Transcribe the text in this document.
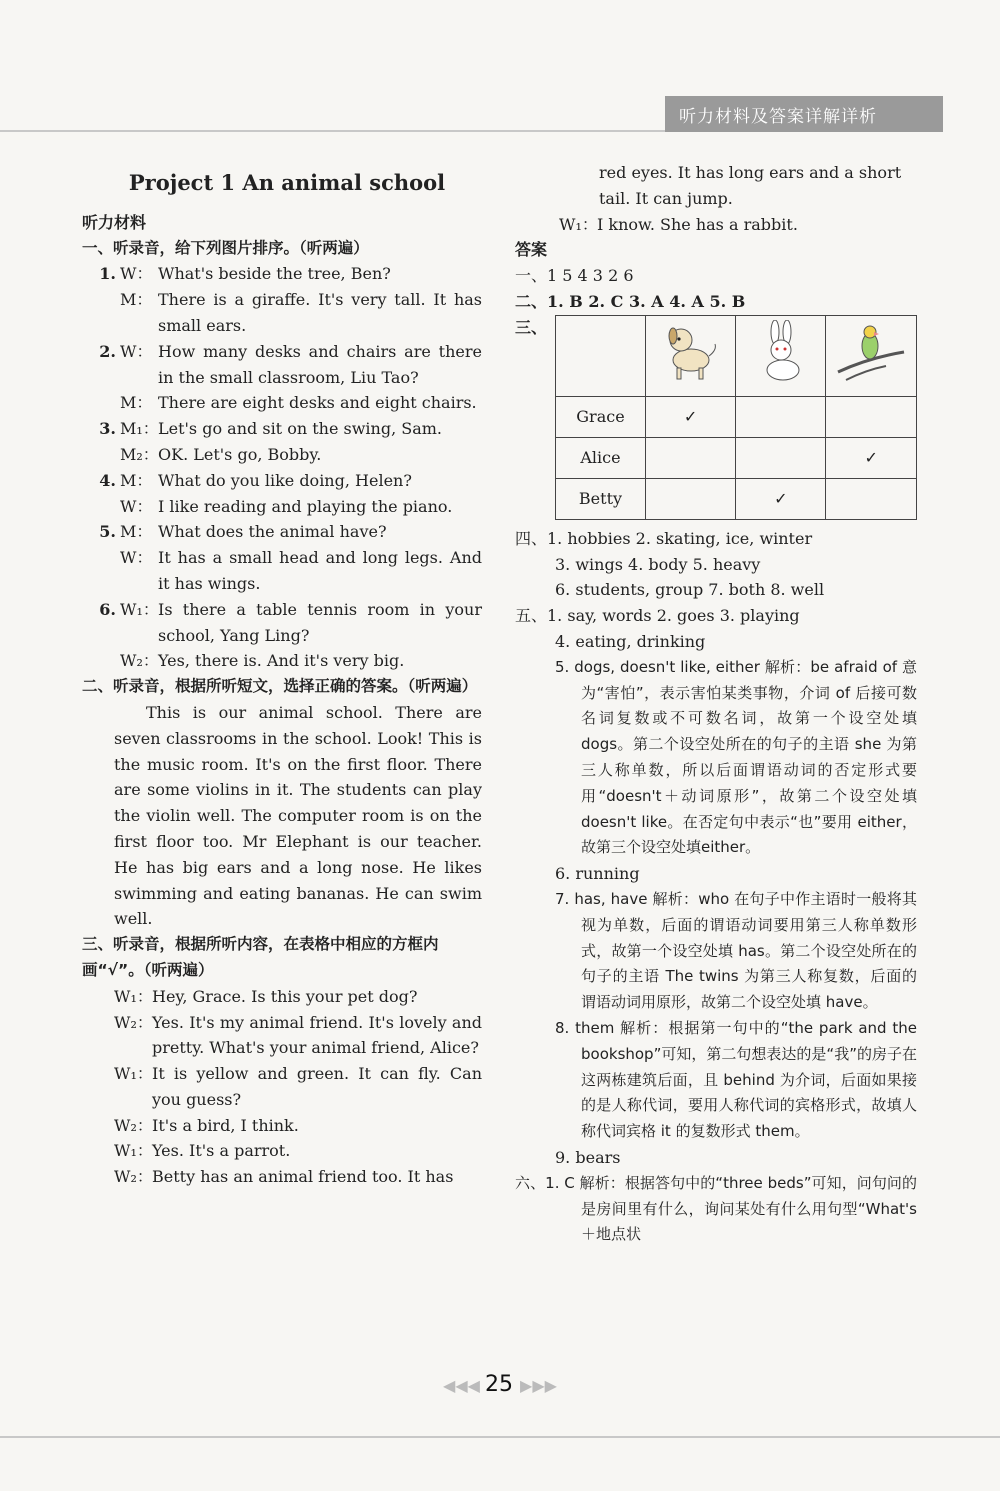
听力材料及答案详解详析
Project 1 An animal school
听力材料
一、听录音，给下列图片排序。（听两遍）
1. W： What's beside the tree, Ben?
M： There is a giraffe. It's very tall. It has small ears.
2. W： How many desks and chairs are there in the small classroom, Liu Tao?
M： There are eight desks and eight chairs.
3. M₁： Let's go and sit on the swing, Sam.
M₂： OK. Let's go, Bobby.
4. M： What do you like doing, Helen?
W： I like reading and playing the piano.
5. M： What does the animal have?
W： It has a small head and long legs. And it has wings.
6. W₁： Is there a table tennis room in your school, Yang Ling?
W₂： Yes, there is. And it's very big.
二、听录音，根据所听短文，选择正确的答案。（听两遍）
This is our animal school. There are seven classrooms in the school. Look! This is the music room. It's on the first floor. There are some violins in it. The students can play the violin well. The computer room is on the first floor too. Mr Elephant is our teacher. He has big ears and a long nose. He likes swimming and eating bananas. He can swim well.
三、听录音，根据所听内容，在表格中相应的方框内画“√”。（听两遍）
W₁： Hey, Grace. Is this your pet dog?
W₂： Yes. It's my animal friend. It's lovely and pretty. What's your animal friend, Alice?
W₁： It is yellow and green. It can fly. Can you guess?
W₂： It's a bird, I think.
W₁： Yes. It's a parrot.
W₂： Betty has an animal friend too. It has
red eyes. It has long ears and a short tail. It can jump.
W₁： I know. She has a rabbit.
答案
一、1 5 4 3 2 6
二、1. B 2. C 3. A 4. A 5. B
三、

Grace	✓		
Alice			✓
Betty		✓	
四、1. hobbies 2. skating, ice, winter
3. wings 4. body 5. heavy
6. students, group 7. both 8. well
五、1. say, words 2. goes 3. playing
4. eating, drinking
5. dogs, doesn't like, either 解析：be afraid of 意为“害怕”，表示害怕某类事物，介词 of 后接可数名词复数或不可数名词，故第一个设空处填 dogs。第二个设空处所在的句子的主语 she 为第三人称单数，所以后面谓语动词的否定形式要用“doesn't＋动词原形”，故第二个设空处填 doesn't like。在否定句中表示“也”要用 either，故第三个设空处填either。
6. running
7. has, have 解析：who 在句子中作主语时一般将其视为单数，后面的谓语动词要用第三人称单数形式，故第一个设空处填 has。第二个设空处所在的句子的主语 The twins 为第三人称复数，后面的谓语动词用原形，故第二个设空处填 have。
8. them 解析：根据第一句中的“the park and the bookshop”可知，第二句想表达的是“我”的房子在这两栋建筑后面，且 behind 为介词，后面如果接的是人称代词，要用人称代词的宾格形式，故填人称代词宾格 it 的复数形式 them。
9. bears
六、1. C 解析：根据答句中的“three beds”可知，问句问的是房间里有什么，询问某处有什么用句型“What's＋地点状
◀◀◀ 25 ▶▶▶
